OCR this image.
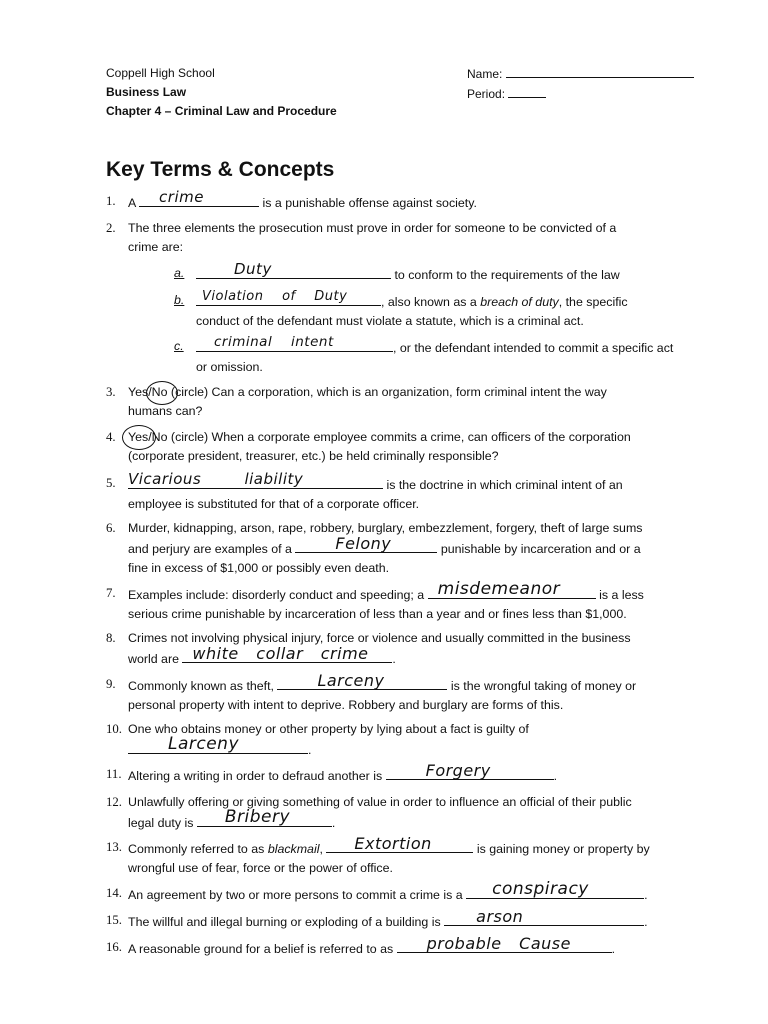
Coppell High School
Business Law
Chapter 4 – Criminal Law and Procedure
Name:
Period:
Key Terms & Concepts
1. A crime	is a punishable offense against society.
2. The three elements the prosecution must prove in order for someone to be convicted of a
crime are:
a.	Duty	to conform to the requirements of the law
b. Violation of Duty	, also known as a breach of duty, the specific
conduct of the defendant must violate a statute, which is a criminal act.
c. criminal intent	, or the defendant intended to commit a specific act
or omission.
3. Yes/No (circle) Can a corporation, which is an organization, form criminal intent the way
humans can?
4. Yes/No (circle) When a corporate employee commits a crime, can officers of the corporation
(corporate president, treasurer, etc.) be held criminally responsible?
5. Vicarious liability	is the doctrine in which criminal intent of an
employee is substituted for that of a corporate officer.
6. Murder, kidnapping, arson, rape, robbery, burglary, embezzlement, forgery, theft of large sums
and perjury are examples of a	Felony	punishable by incarceration and or a
fine in excess of $1,000 or possibly even death.
7. Examples include: disorderly conduct and speeding; a misdemeanor	is a less
serious crime punishable by incarceration of less than a year and or fines less than $1,000.
8. Crimes not involving physical injury, force or violence and usually committed in the business
world are white collar crime	.
9. Commonly known as theft,	Larceny	is the wrongful taking of money or
personal property with intent to deprive. Robbery and burglary are forms of this.
10. One who obtains money or other property by lying about a fact is guilty of
Larceny	.
11. Altering a writing in order to defraud another is	Forgery	.
12. Unlawfully offering or giving something of value in order to influence an official of their public
legal duty is Bribery	.
13. Commonly referred to as blackmail, Extortion	is gaining money or property by
wrongful use of fear, force or the power of office.
14. An agreement by two or more persons to commit a crime is a conspiracy	.
15. The willful and illegal burning or exploding of a building is arson	.
16. A reasonable ground for a belief is referred to as probable Cause	.
